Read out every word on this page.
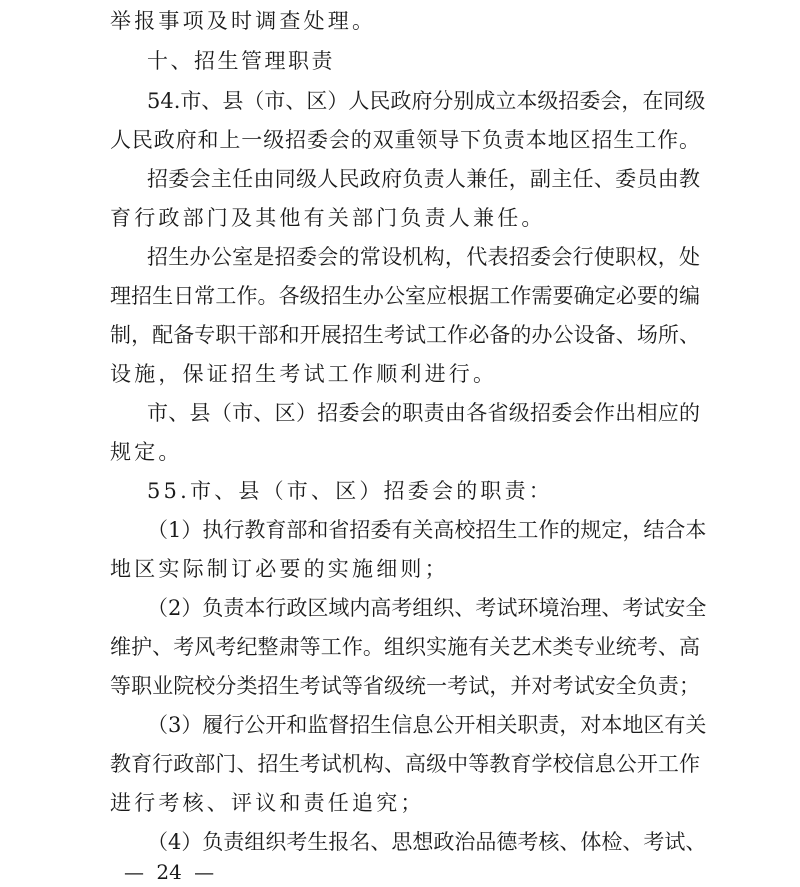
举报事项及时调查处理。
十、招生管理职责
54.市、县（市、区）人民政府分别成立本级招委会，在同级
人民政府和上一级招委会的双重领导下负责本地区招生工作。
招委会主任由同级人民政府负责人兼任，副主任、委员由教
育行政部门及其他有关部门负责人兼任。
招生办公室是招委会的常设机构，代表招委会行使职权，处
理招生日常工作。各级招生办公室应根据工作需要确定必要的编
制，配备专职干部和开展招生考试工作必备的办公设备、场所、
设施，保证招生考试工作顺利进行。
市、县（市、区）招委会的职责由各省级招委会作出相应的
规定。
55.市、县（市、区）招委会的职责：
（1）执行教育部和省招委有关高校招生工作的规定，结合本
地区实际制订必要的实施细则；
（2）负责本行政区域内高考组织、考试环境治理、考试安全
维护、考风考纪整肃等工作。组织实施有关艺术类专业统考、高
等职业院校分类招生考试等省级统一考试，并对考试安全负责；
（3）履行公开和监督招生信息公开相关职责，对本地区有关
教育行政部门、招生考试机构、高级中等教育学校信息公开工作
进行考核、评议和责任追究；
（4）负责组织考生报名、思想政治品德考核、体检、考试、
— 24 —
